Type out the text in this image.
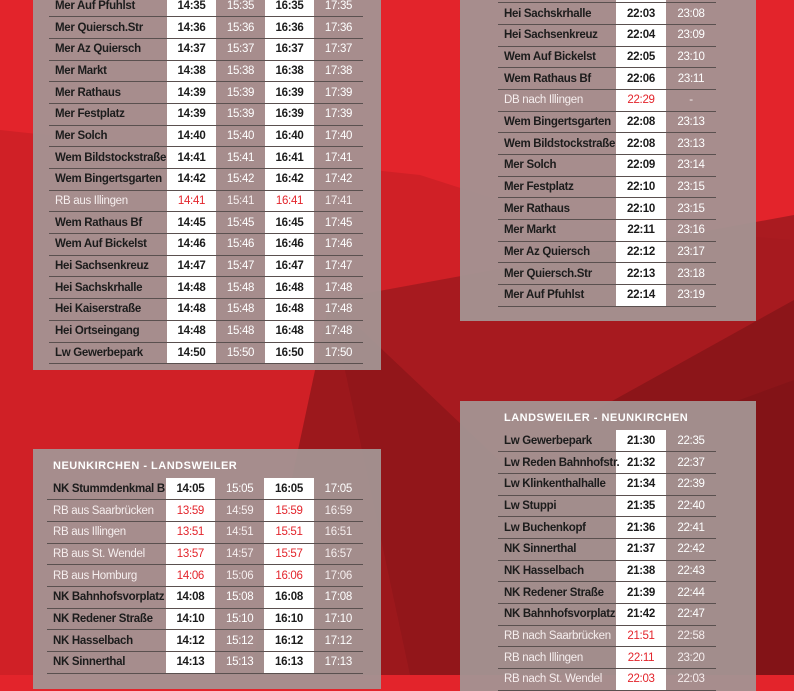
Mer Auf Pfuhlst	14:35	15:35	16:35	17:35
Mer Quiersch.Str	14:36	15:36	16:36	17:36
Mer Az Quiersch	14:37	15:37	16:37	17:37
Mer Markt	14:38	15:38	16:38	17:38
Mer Rathaus	14:39	15:39	16:39	17:39
Mer Festplatz	14:39	15:39	16:39	17:39
Mer Solch	14:40	15:40	16:40	17:40
Wem Bildstockstraße	14:41	15:41	16:41	17:41
Wem Bingertsgarten	14:42	15:42	16:42	17:42
RB aus Illingen	14:41	15:41	16:41	17:41
Wem Rathaus Bf	14:45	15:45	16:45	17:45
Wem Auf Bickelst	14:46	15:46	16:46	17:46
Hei Sachsenkreuz	14:47	15:47	16:47	17:47
Hei Sachskrhalle	14:48	15:48	16:48	17:48
Hei Kaiserstraße	14:48	15:48	16:48	17:48
Hei Ortseingang	14:48	15:48	16:48	17:48
Lw Gewerbepark	14:50	15:50	16:50	17:50

Hei Sachskrhalle	22:03	23:08
Hei Sachsenkreuz	22:04	23:09
Wem Auf Bickelst	22:05	23:10
Wem Rathaus Bf	22:06	23:11
DB nach Illingen	22:29	-
Wem Bingertsgarten	22:08	23:13
Wem Bildstockstraße	22:08	23:13
Mer Solch	22:09	23:14
Mer Festplatz	22:10	23:15
Mer Rathaus	22:10	23:15
Mer Markt	22:11	23:16
Mer Az Quiersch	22:12	23:17
Mer Quiersch.Str	22:13	23:18
Mer Auf Pfuhlst	22:14	23:19
NEUNKIRCHEN - LANDSWEILER
NK Stummdenkmal B	14:05	15:05	16:05	17:05
RB aus Saarbrücken	13:59	14:59	15:59	16:59
RB aus Illingen	13:51	14:51	15:51	16:51
RB aus St. Wendel	13:57	14:57	15:57	16:57
RB aus Homburg	14:06	15:06	16:06	17:06
NK Bahnhofsvorplatz	14:08	15:08	16:08	17:08
NK Redener Straße	14:10	15:10	16:10	17:10
NK Hasselbach	14:12	15:12	16:12	17:12
NK Sinnerthal	14:13	15:13	16:13	17:13
LANDSWEILER - NEUNKIRCHEN
Lw Gewerbepark	21:30	22:35
Lw Reden Bahnhofstr.	21:32	22:37
Lw Klinkenthalhalle	21:34	22:39
Lw Stuppi	21:35	22:40
Lw Buchenkopf	21:36	22:41
NK Sinnerthal	21:37	22:42
NK Hasselbach	21:38	22:43
NK Redener Straße	21:39	22:44
NK Bahnhofsvorplatz	21:42	22:47
RB nach Saarbrücken	21:51	22:58
RB nach Illingen	22:11	23:20
RB nach St. Wendel	22:03	22:03
